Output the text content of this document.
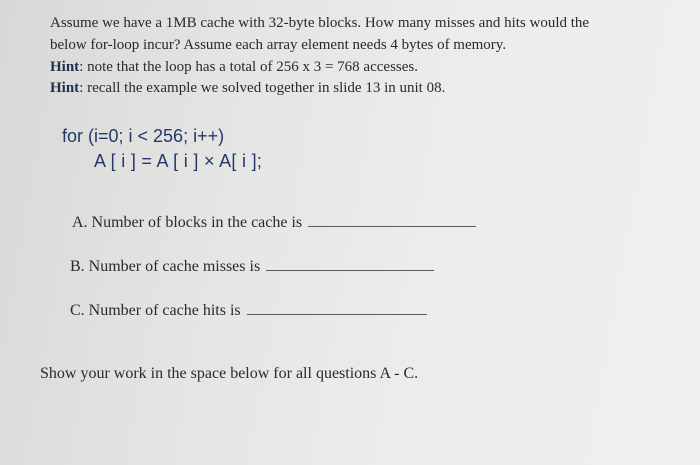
Assume we have a 1MB cache with 32-byte blocks. How many misses and hits would the
below for-loop incur? Assume each array element needs 4 bytes of memory.
Hint: note that the loop has a total of 256 x 3 = 768 accesses.
Hint: recall the example we solved together in slide 13 in unit 08.
for (i=0; i < 256; i++)
A [ i ] = A [ i ] × A[ i ];
A. Number of blocks in the cache is
B. Number of cache misses is
C. Number of cache hits is
Show your work in the space below for all questions A - C.
